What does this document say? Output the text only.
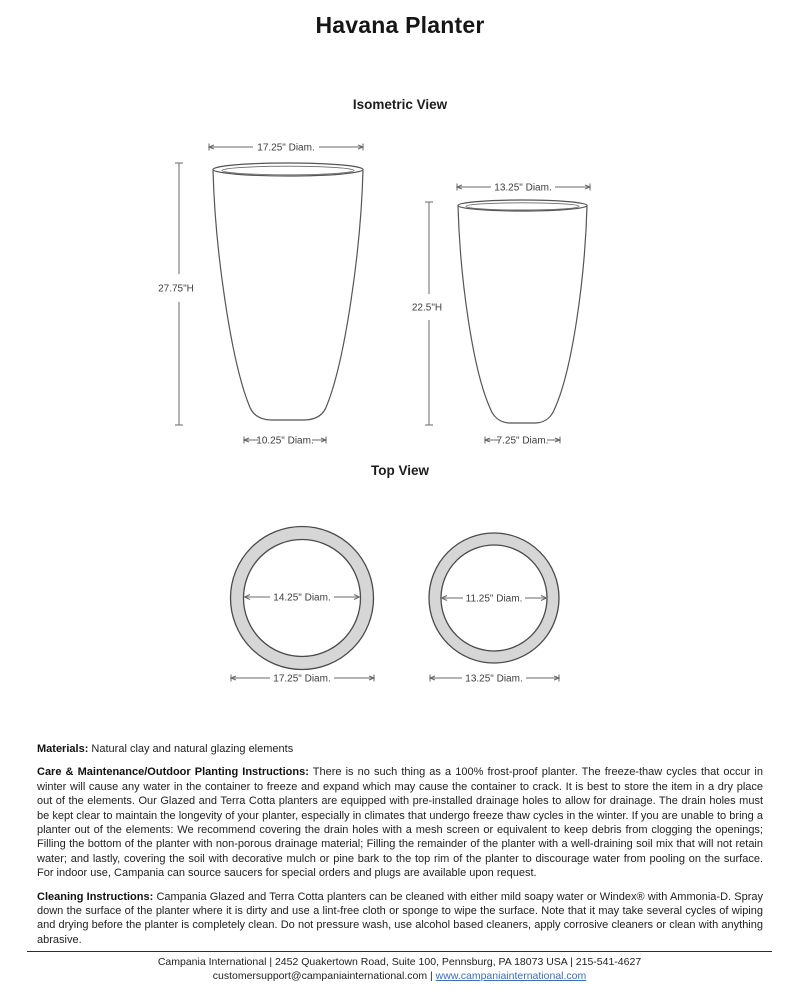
Havana Planter
Isometric View
17.25" Diam.
27.75"H
10.25" Diam.
13.25" Diam.
22.5"H
7.25" Diam.
Top View
14.25" Diam.
17.25" Diam.
11.25" Diam.
13.25" Diam.

Materials: Natural clay and natural glazing elements

Care & Maintenance/Outdoor Planting Instructions: There is no such thing as a 100% frost-proof planter. The freeze-thaw cycles that occur in winter will cause any water in the container to freeze and expand which may cause the container to crack. It is best to store the item in a dry place out of the elements. Our Glazed and Terra Cotta planters are equipped with pre-installed drainage holes to allow for drainage. The drain holes must be kept clear to maintain the longevity of your planter, especially in climates that undergo freeze thaw cycles in the winter. If you are unable to bring a planter out of the elements: We recommend covering the drain holes with a mesh screen or equivalent to keep debris from clogging the openings; Filling the bottom of the planter with non-porous drainage material; Filling the remainder of the planter with a well-draining soil mix that will not retain water; and lastly, covering the soil with decorative mulch or pine bark to the top rim of the planter to discourage water from pooling on the surface. For indoor use, Campania can source saucers for special orders and plugs are available upon request.

Cleaning Instructions: Campania Glazed and Terra Cotta planters can be cleaned with either mild soapy water or Windex® with Ammonia-D. Spray down the surface of the planter where it is dirty and use a lint-free cloth or sponge to wipe the surface. Note that it may take several cycles of wiping and drying before the planter is completely clean. Do not pressure wash, use alcohol based cleaners, apply corrosive cleaners or clean with anything abrasive.

Campania International | 2452 Quakertown Road, Suite 100, Pennsburg, PA 18073 USA | 215-541-4627
customersupport@campaniainternational.com | www.campaniainternational.com
